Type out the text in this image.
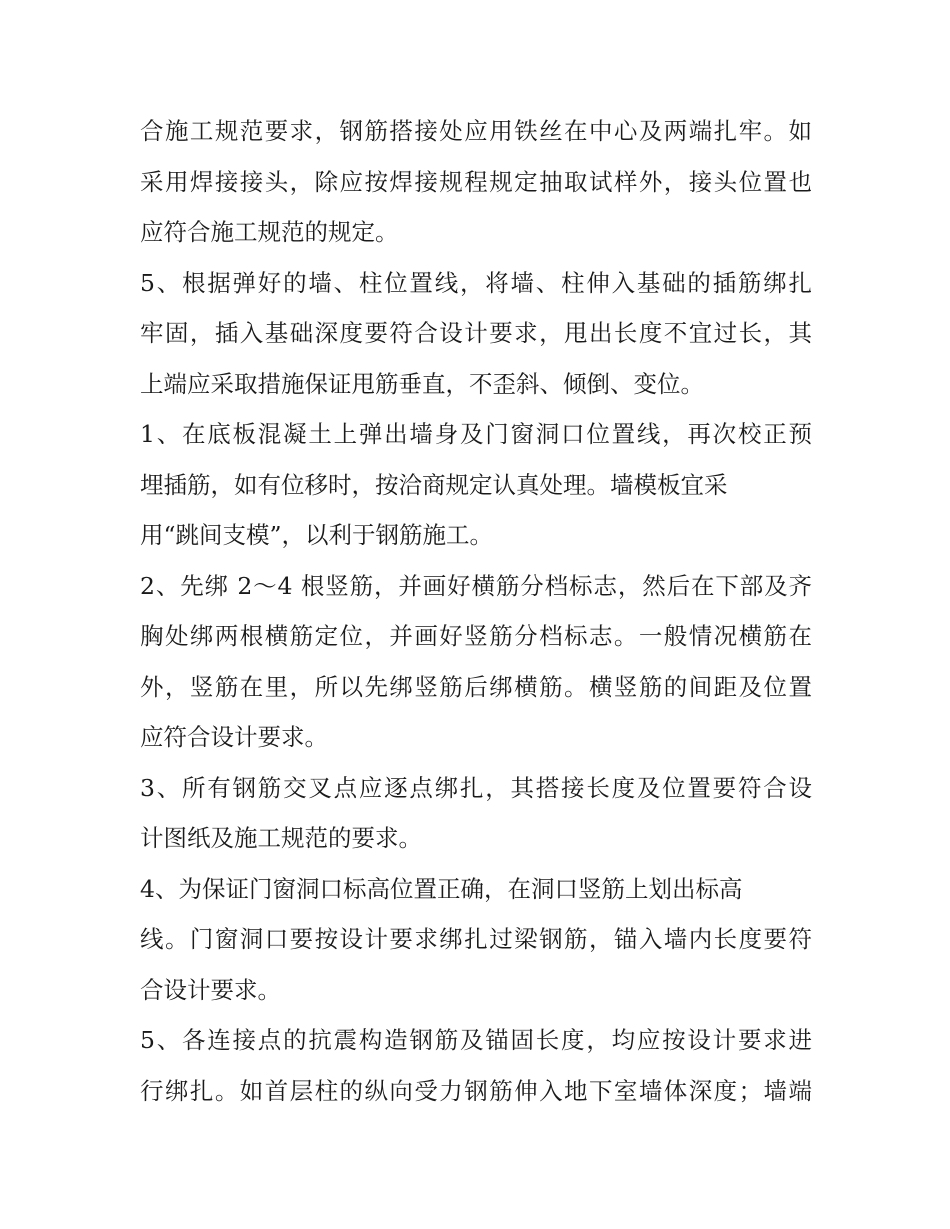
合施工规范要求，钢筋搭接处应用铁丝在中心及两端扎牢。如
采用焊接接头，除应按焊接规程规定抽取试样外，接头位置也
应符合施工规范的规定。
5、根据弹好的墙、柱位置线，将墙、柱伸入基础的插筋绑扎
牢固，插入基础深度要符合设计要求，甩出长度不宜过长，其
上端应采取措施保证甩筋垂直，不歪斜、倾倒、变位。
1、在底板混凝土上弹出墙身及门窗洞口位置线，再次校正预
埋插筋，如有位移时，按洽商规定认真处理。墙模板宜采
用“跳间支模”，以利于钢筋施工。
2、先绑 2～4 根竖筋，并画好横筋分档标志，然后在下部及齐
胸处绑两根横筋定位，并画好竖筋分档标志。一般情况横筋在
外，竖筋在里，所以先绑竖筋后绑横筋。横竖筋的间距及位置
应符合设计要求。
3、所有钢筋交叉点应逐点绑扎，其搭接长度及位置要符合设
计图纸及施工规范的要求。
4、为保证门窗洞口标高位置正确，在洞口竖筋上划出标高
线。门窗洞口要按设计要求绑扎过梁钢筋，锚入墙内长度要符
合设计要求。
5、各连接点的抗震构造钢筋及锚固长度，均应按设计要求进
行绑扎。如首层柱的纵向受力钢筋伸入地下室墙体深度；墙端
